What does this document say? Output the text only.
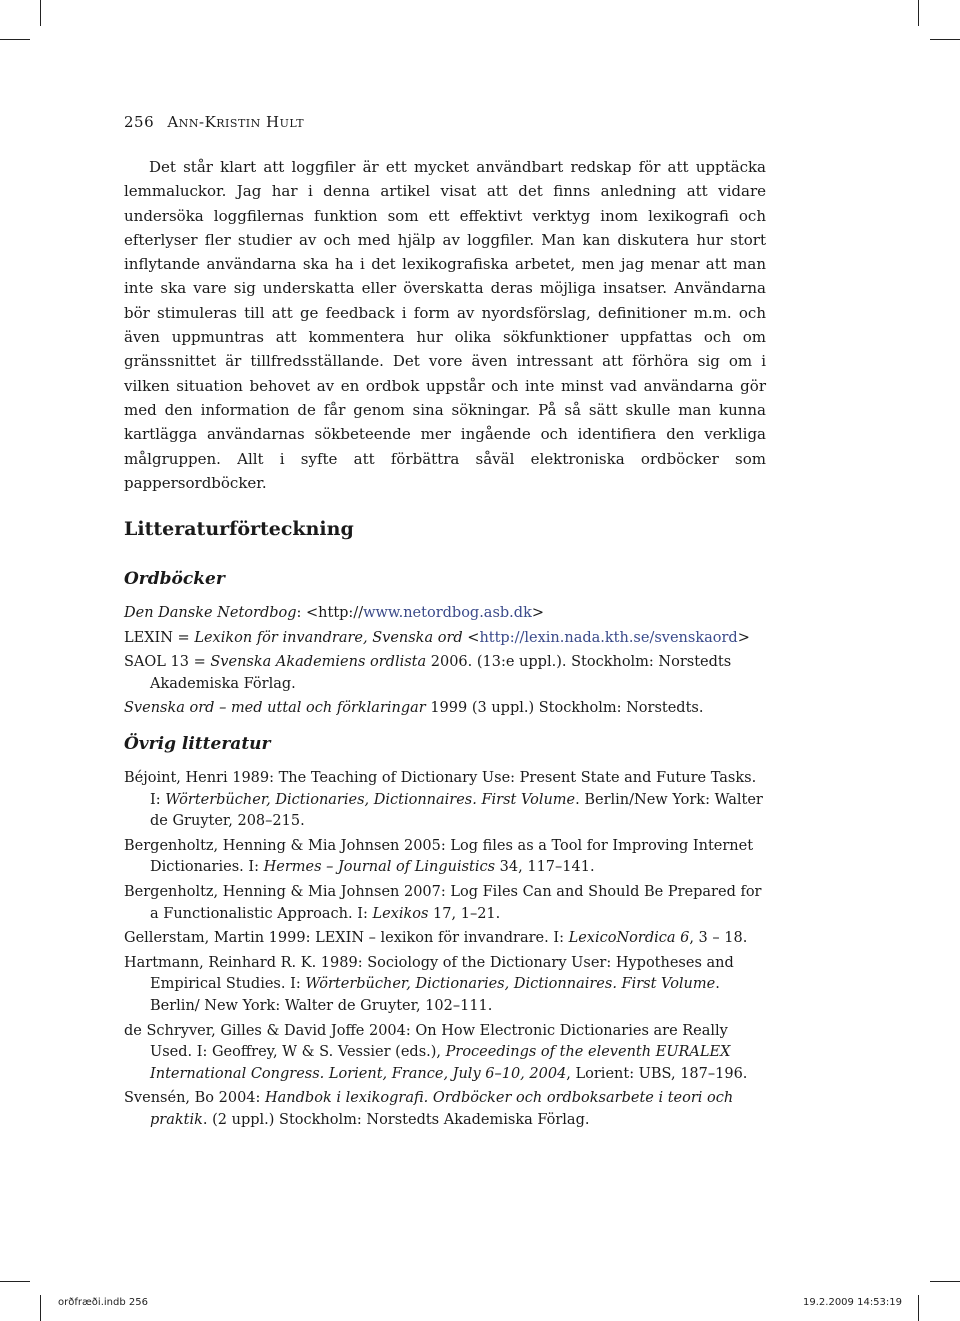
256 Ann-Kristin Hult

Det står klart att loggfiler är ett mycket användbart redskap för att upptäcka lemmaluckor. Jag har i denna artikel visat att det finns anledning att vidare undersöka loggfilernas funktion som ett effektivt verktyg inom lexikografi och efterlyser fler studier av och med hjälp av loggfiler. Man kan diskutera hur stort inflytande användarna ska ha i det lexikografiska arbetet, men jag menar att man inte ska vare sig underskatta eller överskatta deras möjliga insatser. Användarna bör stimuleras till att ge feedback i form av nyordsförslag, definitioner m.m. och även uppmuntras att kommentera hur olika sökfunktioner uppfattas och om gränssnittet är tillfredsställande. Det vore även intressant att förhöra sig om i vilken situation behovet av en ordbok uppstår och inte minst vad användarna gör med den information de får genom sina sökningar. På så sätt skulle man kunna kartlägga användarnas sökbeteende mer ingående och identifiera den verkliga målgruppen. Allt i syfte att förbättra såväl elektroniska ordböcker som pappersordböcker.

Litteraturförteckning
Ordböcker
Den Danske Netordbog: <http://www.netordbog.asb.dk>
LEXIN = Lexikon för invandrare, Svenska ord <http://lexin.nada.kth.se/svenskaord>
SAOL 13 = Svenska Akademiens ordlista 2006. (13:e uppl.). Stockholm: Norstedts Akademiska Förlag.
Svenska ord – med uttal och förklaringar 1999 (3 uppl.) Stockholm: Norstedts.
Övrig litteratur
Béjoint, Henri 1989: The Teaching of Dictionary Use: Present State and Future Tasks. I: Wörterbücher, Dictionaries, Dictionnaires. First Volume. Berlin/New York: Walter de Gruyter, 208–215.
Bergenholtz, Henning & Mia Johnsen 2005: Log files as a Tool for Improving Internet Dictionaries. I: Hermes – Journal of Linguistics 34, 117–141.
Bergenholtz, Henning & Mia Johnsen 2007: Log Files Can and Should Be Prepared for a Functionalistic Approach. I: Lexikos 17, 1–21.
Gellerstam, Martin 1999: LEXIN – lexikon för invandrare. I: LexicoNordica 6, 3 – 18.
Hartmann, Reinhard R. K. 1989: Sociology of the Dictionary User: Hypotheses and Empirical Studies. I: Wörterbücher, Dictionaries, Dictionnaires. First Volume. Berlin/ New York: Walter de Gruyter, 102–111.
de Schryver, Gilles & David Joffe 2004: On How Electronic Dictionaries are Really Used. I: Geoffrey, W & S. Vessier (eds.), Proceedings of the eleventh EURALEX International Congress. Lorient, France, July 6–10, 2004, Lorient: UBS, 187–196.
Svensén, Bo 2004: Handbok i lexikografi. Ordböcker och ordboksarbete i teori och praktik. (2 uppl.) Stockholm: Norstedts Akademiska Förlag.
orðfræði.indb 256	19.2.2009 14:53:19
